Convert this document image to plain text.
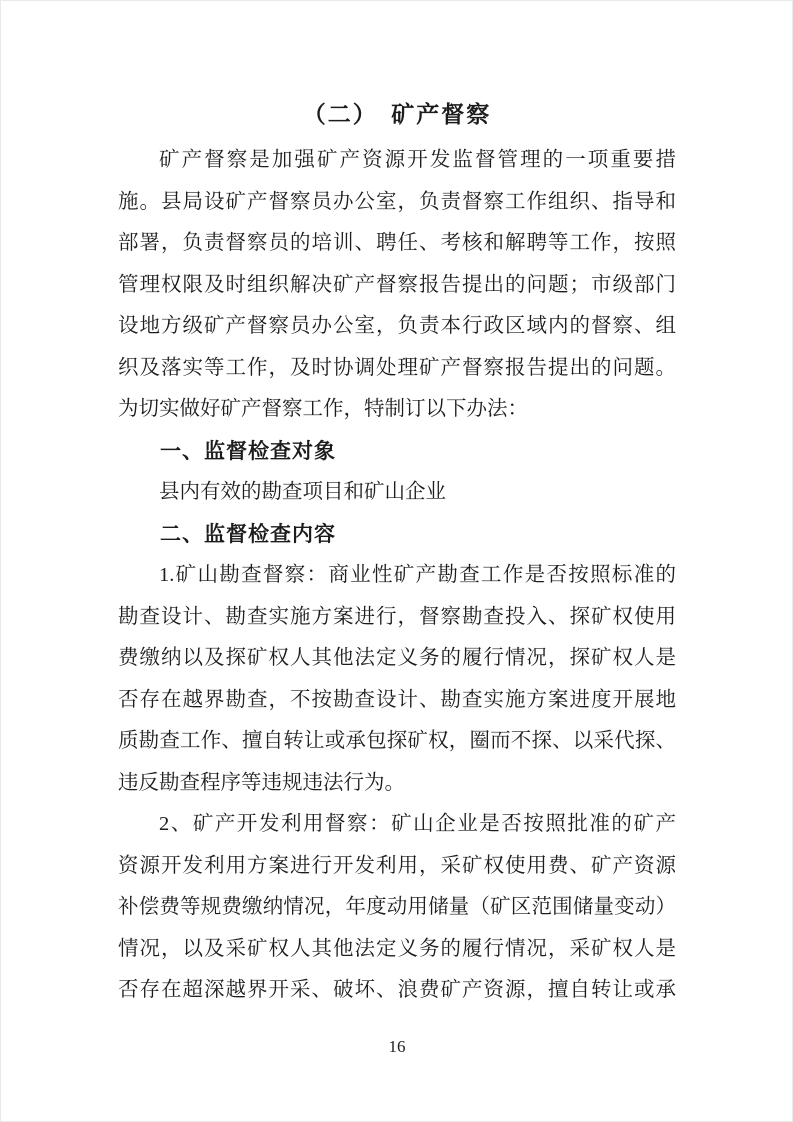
（二）　矿产督察

矿产督察是加强矿产资源开发监督管理的一项重要措

施。县局设矿产督察员办公室，负责督察工作组织、指导和

部署，负责督察员的培训、聘任、考核和解聘等工作，按照

管理权限及时组织解决矿产督察报告提出的问题；市级部门

设地方级矿产督察员办公室，负责本行政区域内的督察、组

织及落实等工作，及时协调处理矿产督察报告提出的问题。

为切实做好矿产督察工作，特制订以下办法：

一、监督检查对象

县内有效的勘查项目和矿山企业

二、监督检查内容

1.矿山勘查督察：商业性矿产勘查工作是否按照标准的

勘查设计、勘查实施方案进行，督察勘查投入、探矿权使用

费缴纳以及探矿权人其他法定义务的履行情况，探矿权人是

否存在越界勘查，不按勘查设计、勘查实施方案进度开展地

质勘查工作、擅自转让或承包探矿权，圈而不探、以采代探、

违反勘查程序等违规违法行为。

2、矿产开发利用督察：矿山企业是否按照批准的矿产

资源开发利用方案进行开发利用，采矿权使用费、矿产资源

补偿费等规费缴纳情况，年度动用储量（矿区范围储量变动）

情况，以及采矿权人其他法定义务的履行情况，采矿权人是

否存在超深越界开采、破坏、浪费矿产资源，擅自转让或承

16
